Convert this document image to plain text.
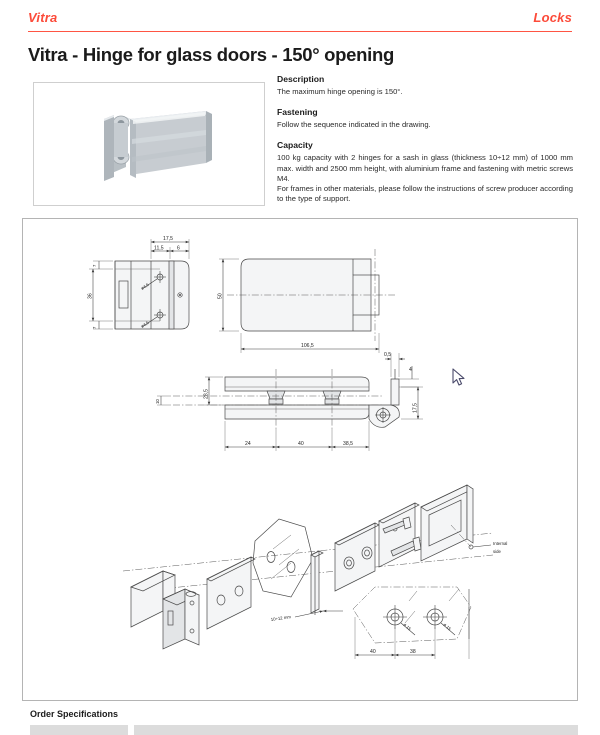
Vitra	Locks
Vitra - Hinge for glass doors - 150° opening
Description

The maximum hinge opening is 150°.

Fastening

Follow the sequence indicated in the drawing.

Capacity

100 kg capacity with 2 hinges for a sash in glass (thickness 10÷12 mm) of 1000 mm max. width and 2500 mm height, with aluminium frame and fastening with metric screws M4.

For frames in other materials, please follow the instructions of screw producer according to the type of support.

ø4,5
ø4,5
17,5
11,5	6
36
7
7
50
106,5
10
28,5
24	40	38,5
0,5
4
17,5
10÷12 mm
Internal
side
ø 15	ø 15
40	38
Order Specifications
